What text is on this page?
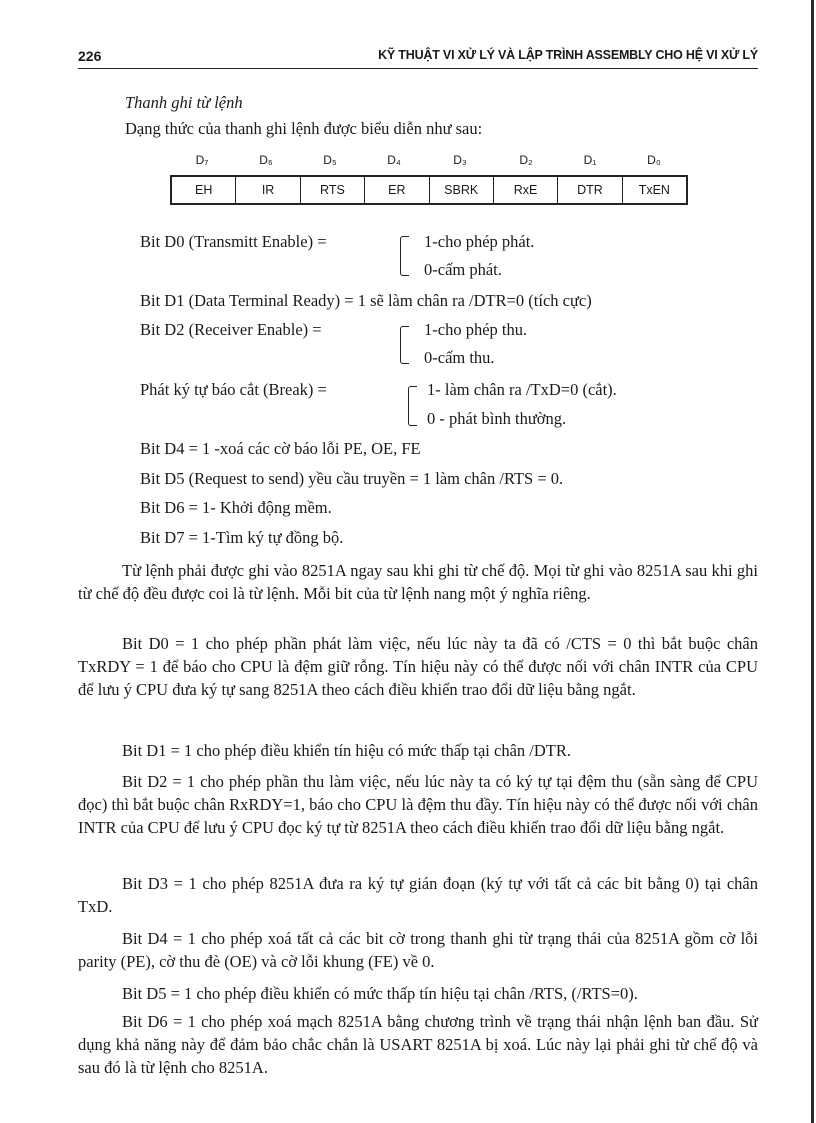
226	KỸ THUẬT VI XỬ LÝ VÀ LẬP TRÌNH ASSEMBLY CHO HỆ VI XỬ LÝ
Thanh ghi từ lệnh
Dạng thức của thanh ghi lệnh được biểu diễn như sau:
D₇	D₆	D₅	D₄	D₃	D₂	D₁	D₀
EH	IR	RTS	ER	SBRK	RxE	DTR	TxEN
Bit D0 (Transmitt Enable) =	1-cho phép phát.
0-cấm phát.
Bit D1 (Data Terminal Ready) = 1 sẽ làm chân ra /DTR=0 (tích cực)
Bit D2 (Receiver Enable) =	1-cho phép thu.
0-cấm thu.
Phát ký tự báo cắt (Break) =	1- làm chân ra /TxD=0 (cắt).
0 - phát bình thường.
Bit D4 = 1 -xoá các cờ báo lỗi PE, OE, FE
Bit D5 (Request to send) yều cầu truyền = 1 làm chân /RTS = 0.
Bit D6 = 1- Khởi động mềm.
Bit D7 = 1-Tìm ký tự đồng bộ.

Từ lệnh phải được ghi vào 8251A ngay sau khi ghi từ chế độ. Mọi từ ghi vào 8251A sau khi ghi từ chế độ đều được coi là từ lệnh. Mỗi bit của từ lệnh nang một ý nghĩa riêng.

Bit D0 = 1 cho phép phần phát làm việc, nếu lúc này ta đã có /CTS = 0 thì bắt buộc chân TxRDY = 1 để báo cho CPU là đệm giữ rỗng. Tín hiệu này có thể được nối với chân INTR của CPU để lưu ý CPU đưa ký tự sang 8251A theo cách điều khiển trao đổi dữ liệu bằng ngắt.

Bit D1 = 1 cho phép điều khiển tín hiệu có mức thấp tại chân /DTR.

Bit D2 = 1 cho phép phần thu làm việc, nếu lúc này ta có ký tự tại đệm thu (sẵn sàng để CPU đọc) thì bắt buộc chân RxRDY=1, báo cho CPU là đệm thu đầy. Tín hiệu này có thể được nối với chân INTR của CPU để lưu ý CPU đọc ký tự từ 8251A theo cách điều khiển trao đổi dữ liệu bằng ngắt.

Bit D3 = 1 cho phép 8251A đưa ra ký tự gián đoạn (ký tự với tất cả các bit bằng 0) tại chân TxD.

Bit D4 = 1 cho phép xoá tất cả các bit cờ trong thanh ghi từ trạng thái của 8251A gồm cờ lỗi parity (PE), cờ thu đè (OE) và cờ lỗi khung (FE) về 0.

Bit D5 = 1 cho phép điều khiển có mức thấp tín hiệu tại chân /RTS, (/RTS=0).

Bit D6 = 1 cho phép xoá mạch 8251A bằng chương trình về trạng thái nhận lệnh ban đầu. Sử dụng khả năng này để đảm bảo chắc chắn là USART 8251A bị xoá. Lúc này lại phải ghi từ chế độ và sau đó là từ lệnh cho 8251A.
